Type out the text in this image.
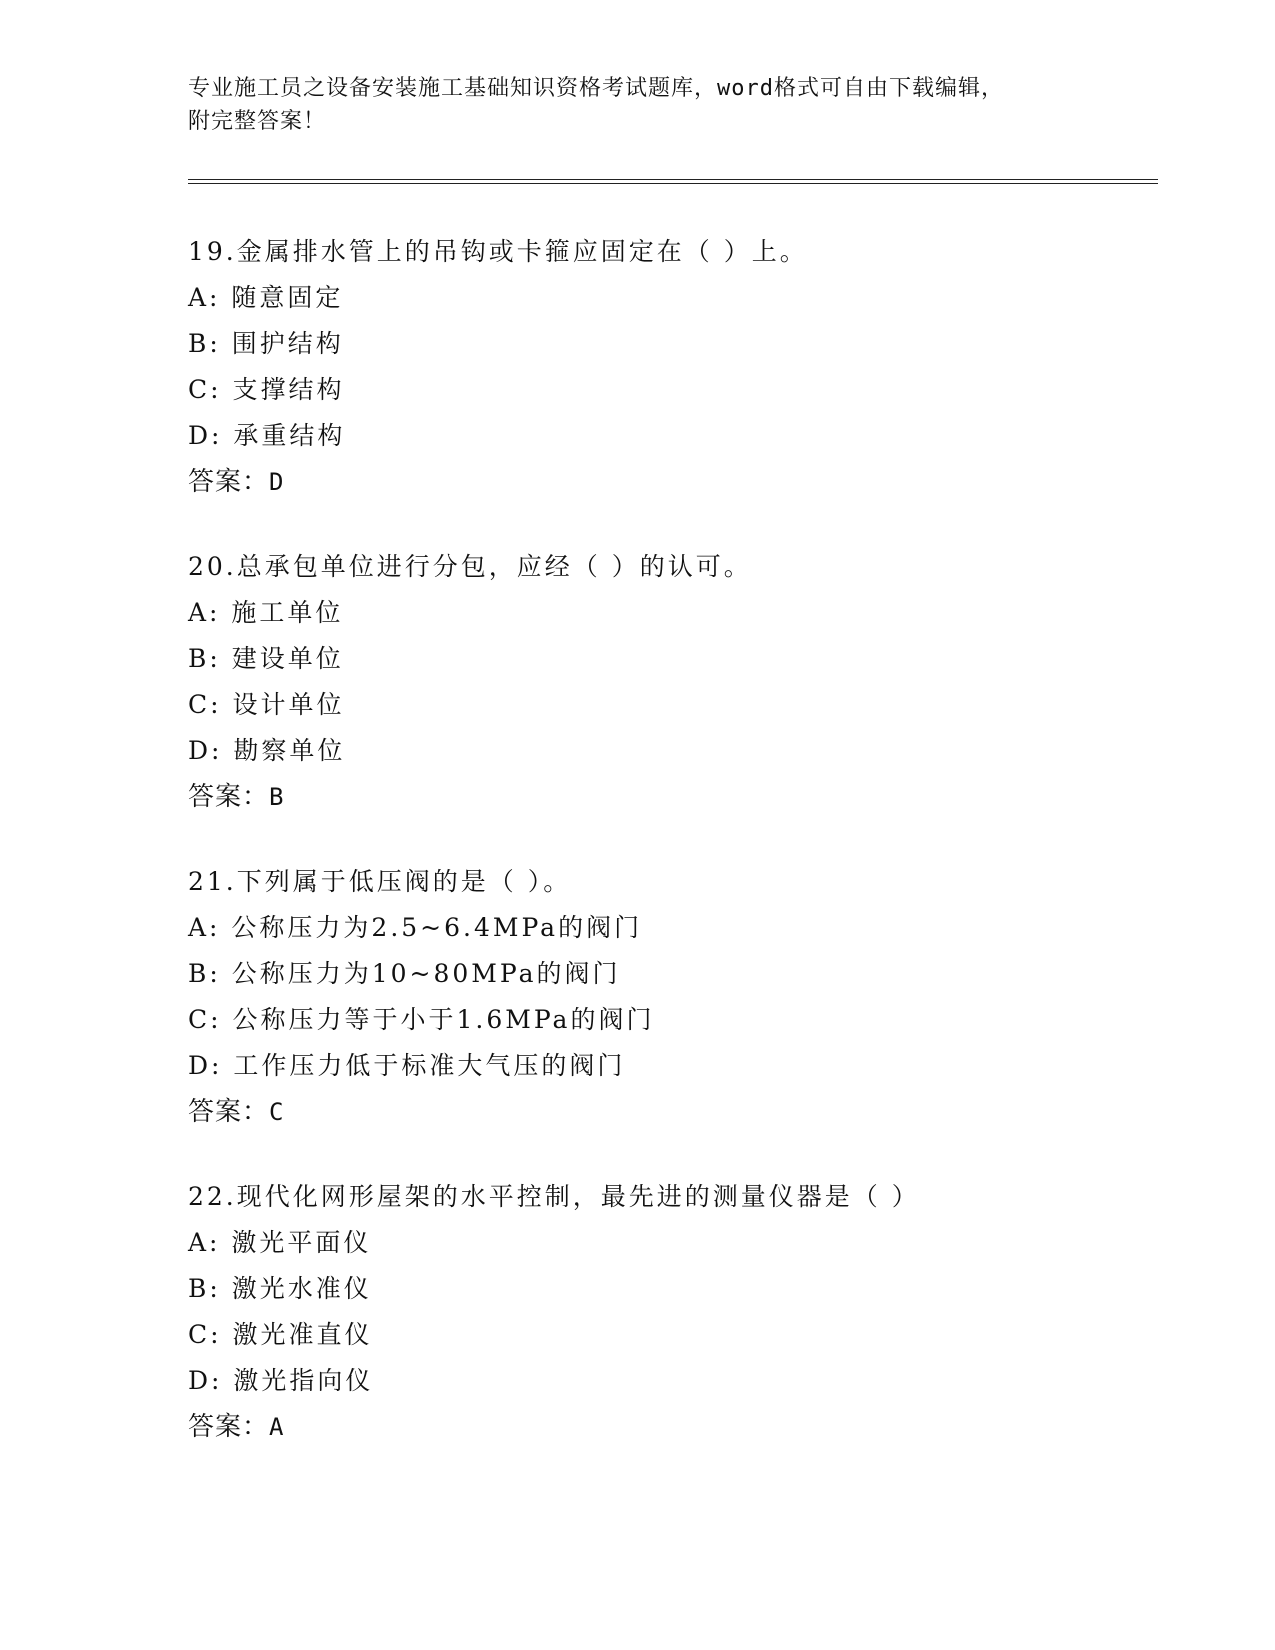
专业施工员之设备安装施工基础知识资格考试题库，word格式可自由下载编辑，
附完整答案！
19.金属排水管上的吊钩或卡箍应固定在（ ）上。
A: 随意固定
B: 围护结构
C: 支撑结构
D: 承重结构
答案：D
20.总承包单位进行分包，应经（ ）的认可。
A: 施工单位
B: 建设单位
C: 设计单位
D: 勘察单位
答案：B
21.下列属于低压阀的是（ ）。
A: 公称压力为2.5~6.4MPa的阀门
B: 公称压力为10~80MPa的阀门
C: 公称压力等于小于1.6MPa的阀门
D: 工作压力低于标准大气压的阀门
答案：C
22.现代化网形屋架的水平控制，最先进的测量仪器是（ ）
A: 激光平面仪
B: 激光水准仪
C: 激光准直仪
D: 激光指向仪
答案：A
